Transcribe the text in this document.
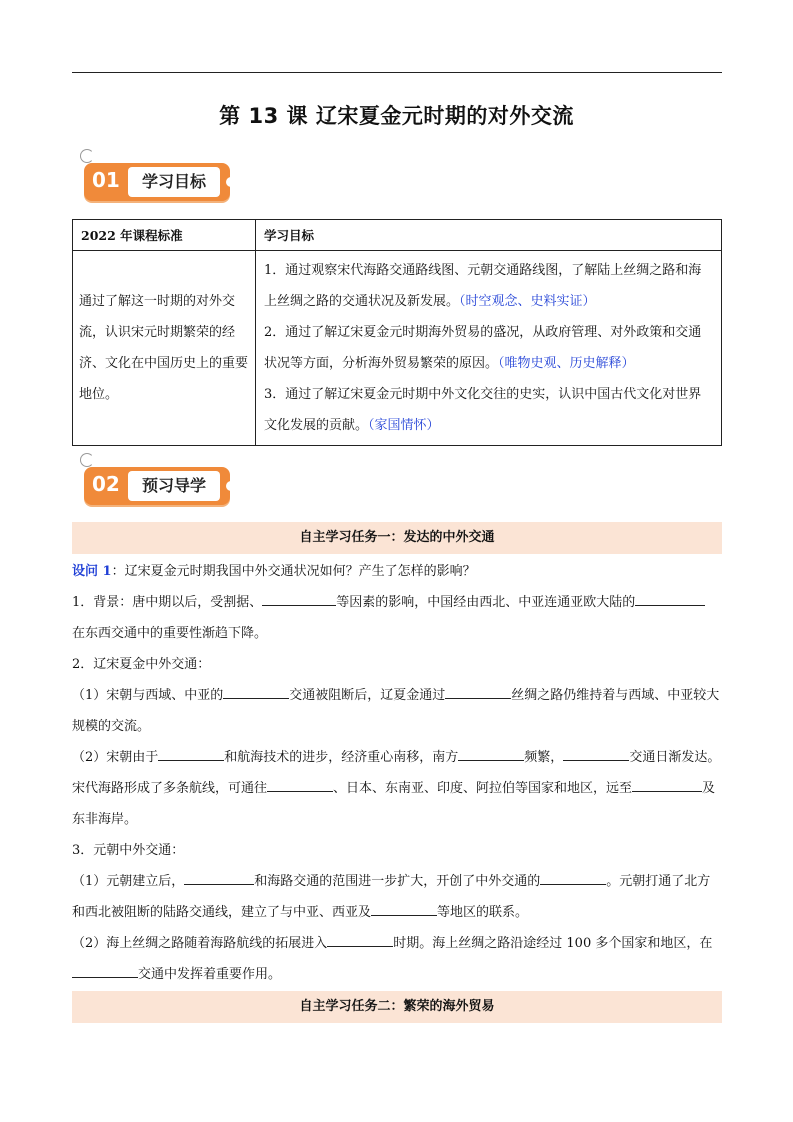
第 13 课 辽宋夏金元时期的对外交流
01	学习目标
2022 年课程标准	学习目标
通过了解这一时期的对外交流，认识宋元时期繁荣的经济、文化在中国历史上的重要地位。	1．通过观察宋代海路交通路线图、元朝交通路线图，了解陆上丝绸之路和海上丝绸之路的交通状况及新发展。（时空观念、史料实证）
2．通过了解辽宋夏金元时期海外贸易的盛况，从政府管理、对外政策和交通状况等方面，分析海外贸易繁荣的原因。（唯物史观、历史解释）
3．通过了解辽宋夏金元时期中外文化交往的史实，认识中国古代文化对世界文化发展的贡献。（家国情怀）
02	预习导学
自主学习任务一：发达的中外交通

设问 1：辽宋夏金元时期我国中外交通状况如何？产生了怎样的影响？

1．背景：唐中期以后，受割据、	等因素的影响，中国经由西北、中亚连通亚欧大陆的

在东西交通中的重要性渐趋下降。

2．辽宋夏金中外交通：

（1）宋朝与西域、中亚的	交通被阻断后，辽夏金通过	丝绸之路仍维持着与西域、中亚较大规模的交流。

（2）宋朝由于	和航海技术的进步，经济重心南移，南方	频繁，	交通日渐发达。宋代海路形成了多条航线，可通往	、日本、东南亚、印度、阿拉伯等国家和地区，远至	及东非海岸。

3．元朝中外交通：

（1）元朝建立后，	和海路交通的范围进一步扩大，开创了中外交通的	。元朝打通了北方和西北被阻断的陆路交通线，建立了与中亚、西亚及	等地区的联系。

（2）海上丝绸之路随着海路航线的拓展进入	时期。海上丝绸之路沿途经过 100 多个国家和地区，在交通中发挥着重要作用。

自主学习任务二：繁荣的海外贸易
